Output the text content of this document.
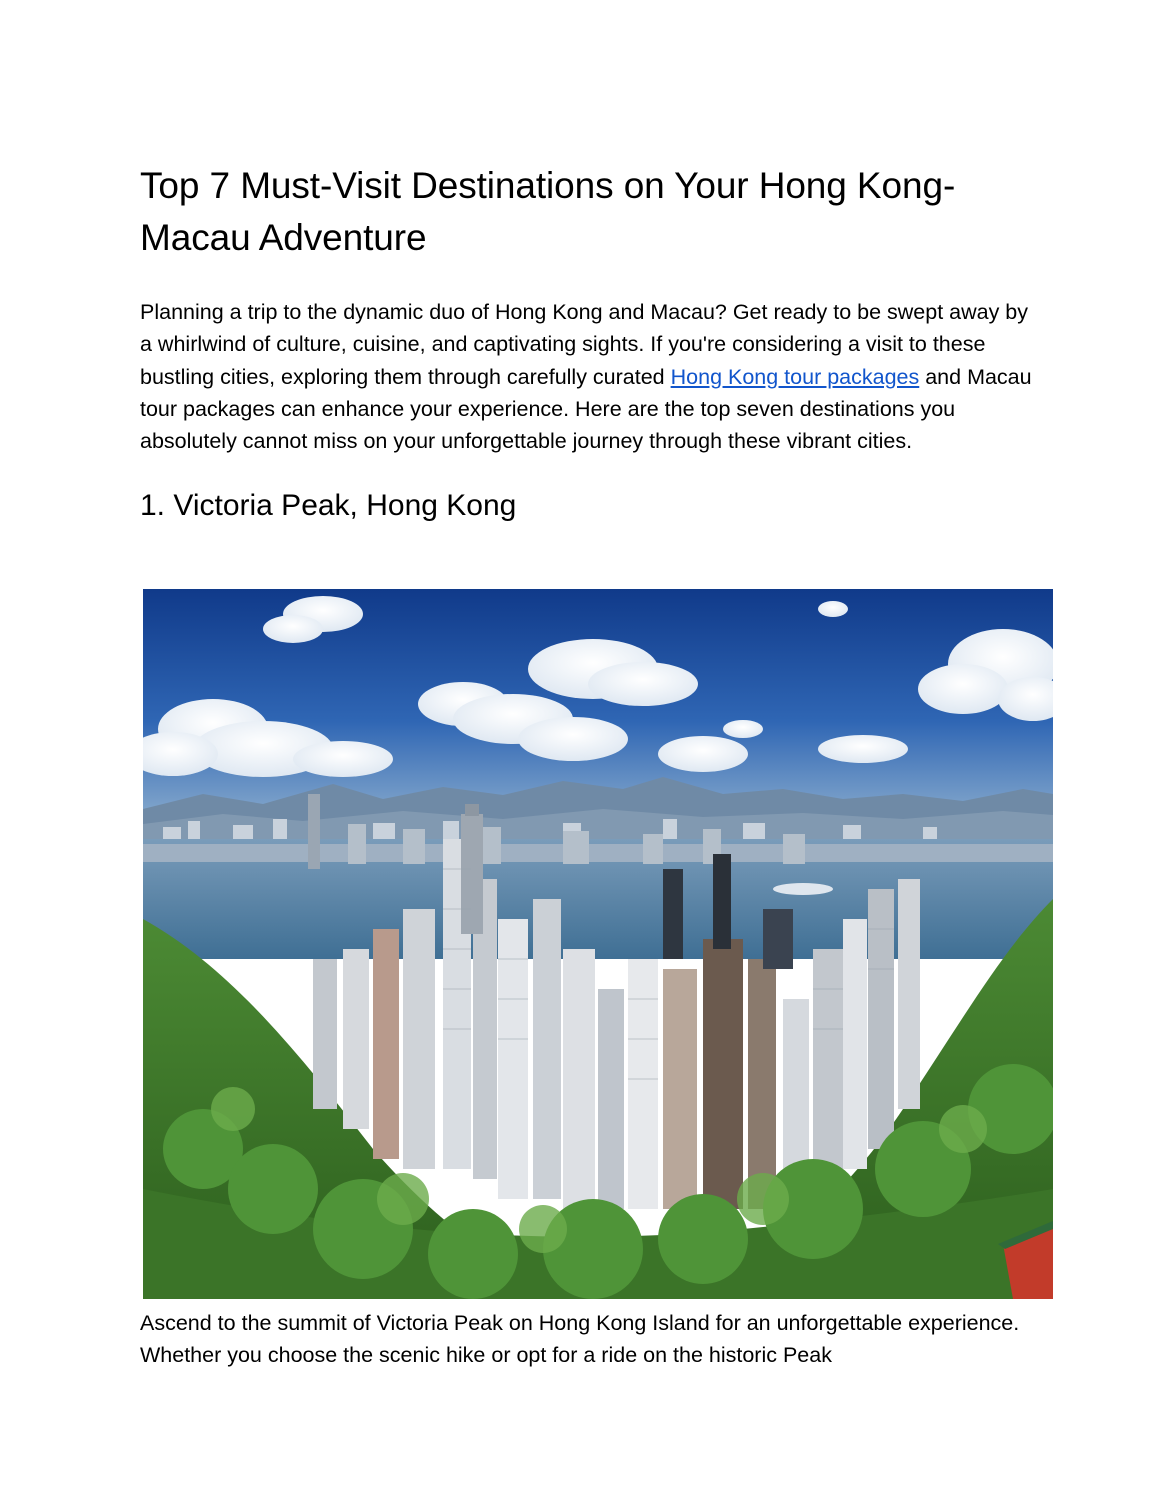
Top 7 Must-Visit Destinations on Your Hong Kong-Macau Adventure

Planning a trip to the dynamic duo of Hong Kong and Macau? Get ready to be swept away by a whirlwind of culture, cuisine, and captivating sights. If you're considering a visit to these bustling cities, exploring them through carefully curated Hong Kong tour packages and Macau tour packages can enhance your experience. Here are the top seven destinations you absolutely cannot miss on your unforgettable journey through these vibrant cities.

1. Victoria Peak, Hong Kong

Ascend to the summit of Victoria Peak on Hong Kong Island for an unforgettable experience. Whether you choose the scenic hike or opt for a ride on the historic Peak
